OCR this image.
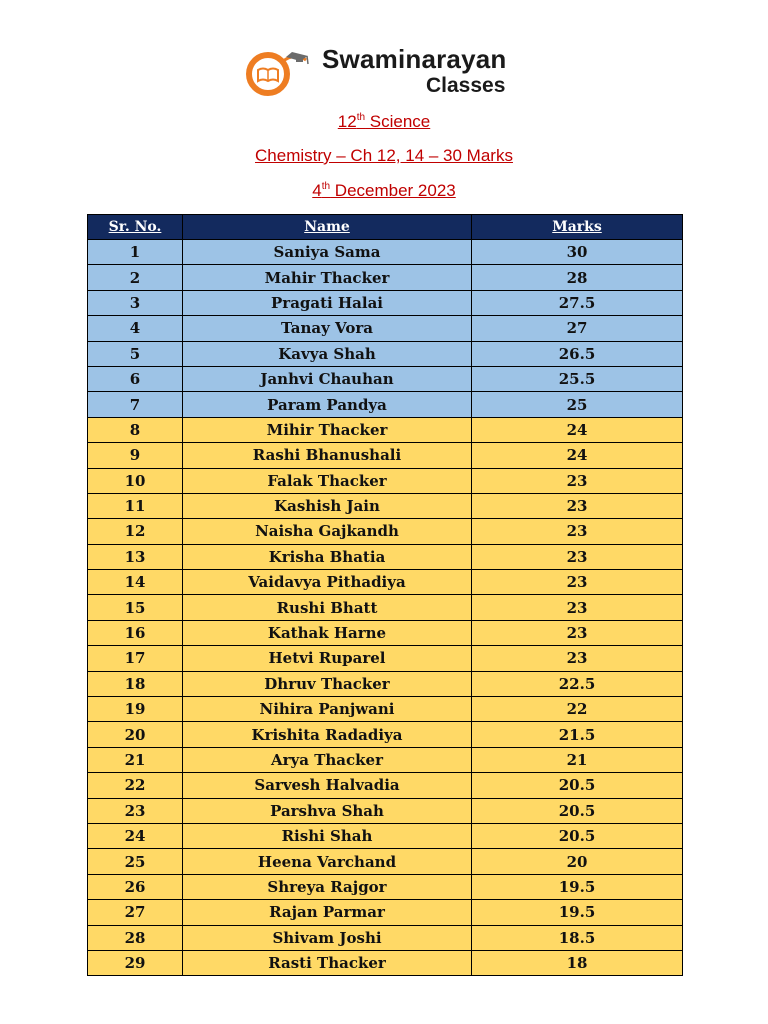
Swaminarayan
Classes
12th Science
Chemistry – Ch 12, 14 – 30 Marks
4th December 2023
Sr. No.	Name	Marks
1	Saniya Sama	30
2	Mahir Thacker	28
3	Pragati Halai	27.5
4	Tanay Vora	27
5	Kavya Shah	26.5
6	Janhvi Chauhan	25.5
7	Param Pandya	25
8	Mihir Thacker	24
9	Rashi Bhanushali	24
10	Falak Thacker	23
11	Kashish Jain	23
12	Naisha Gajkandh	23
13	Krisha Bhatia	23
14	Vaidavya Pithadiya	23
15	Rushi Bhatt	23
16	Kathak Harne	23
17	Hetvi Ruparel	23
18	Dhruv Thacker	22.5
19	Nihira Panjwani	22
20	Krishita Radadiya	21.5
21	Arya Thacker	21
22	Sarvesh Halvadia	20.5
23	Parshva Shah	20.5
24	Rishi Shah	20.5
25	Heena Varchand	20
26	Shreya Rajgor	19.5
27	Rajan Parmar	19.5
28	Shivam Joshi	18.5
29	Rasti Thacker	18
